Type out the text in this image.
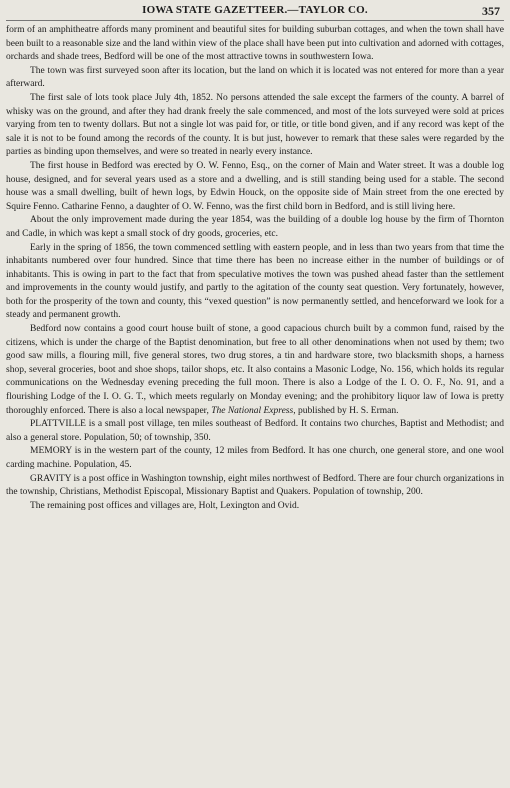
IOWA STATE GAZETTEER.—TAYLOR CO.	357

form of an amphitheatre affords many prominent and beautiful sites for building suburban cottages, and when the town shall have been built to a reasonable size and the land within view of the place shall have been put into cultivation and adorned with cottages, orchards and shade trees, Bedford will be one of the most attractive towns in southwestern Iowa.

The town was first surveyed soon after its location, but the land on which it is located was not entered for more than a year afterward.

The first sale of lots took place July 4th, 1852. No persons attended the sale except the farmers of the county. A barrel of whisky was on the ground, and after they had drank freely the sale commenced, and most of the lots surveyed were sold at prices varying from ten to twenty dollars. But not a single lot was paid for, or title, or title bond given, and if any record was kept of the sale it is not to be found among the records of the county. It is but just, however to remark that these sales were regarded by the parties as binding upon themselves, and were so treated in nearly every instance.

The first house in Bedford was erected by O. W. Fenno, Esq., on the corner of Main and Water street. It was a double log house, designed, and for several years used as a store and a dwelling, and is still standing being used for a stable. The second house was a small dwelling, built of hewn logs, by Edwin Houck, on the opposite side of Main street from the one erected by Squire Fenno. Catharine Fenno, a daughter of O. W. Fenno, was the first child born in Bedford, and is still living here.

About the only improvement made during the year 1854, was the building of a double log house by the firm of Thornton and Cadle, in which was kept a small stock of dry goods, groceries, etc.

Early in the spring of 1856, the town commenced settling with eastern people, and in less than two years from that time the inhabitants numbered over four hundred. Since that time there has been no increase either in the number of buildings or of inhabitants. This is owing in part to the fact that from speculative motives the town was pushed ahead faster than the settlement and improvements in the county would justify, and partly to the agitation of the county seat question. Very fortunately, however, both for the prosperity of the town and county, this “vexed question” is now permanently settled, and henceforward we look for a steady and permanent growth.

Bedford now contains a good court house built of stone, a good capacious church built by a common fund, raised by the citizens, which is under the charge of the Baptist denomination, but free to all other denominations when not used by them; two good saw mills, a flouring mill, five general stores, two drug stores, a tin and hardware store, two blacksmith shops, a harness shop, several groceries, boot and shoe shops, tailor shops, etc. It also contains a Masonic Lodge, No. 156, which holds its regular communications on the Wednesday evening preceding the full moon. There is also a Lodge of the I. O. O. F., No. 91, and a flourishing Lodge of the I. O. G. T., which meets regularly on Monday evening; and the prohibitory liquor law of Iowa is pretty thoroughly enforced. There is also a local newspaper, The National Express, published by H. S. Erman.

PLATTVILLE is a small post village, ten miles southeast of Bedford. It contains two churches, Baptist and Methodist; and also a general store. Population, 50; of township, 350.

MEMORY is in the western part of the county, 12 miles from Bedford. It has one church, one general store, and one wool carding machine. Population, 45.

GRAVITY is a post office in Washington township, eight miles northwest of Bedford. There are four church organizations in the township, Christians, Methodist Episcopal, Missionary Baptist and Quakers. Population of township, 200.

The remaining post offices and villages are, Holt, Lexington and Ovid.
